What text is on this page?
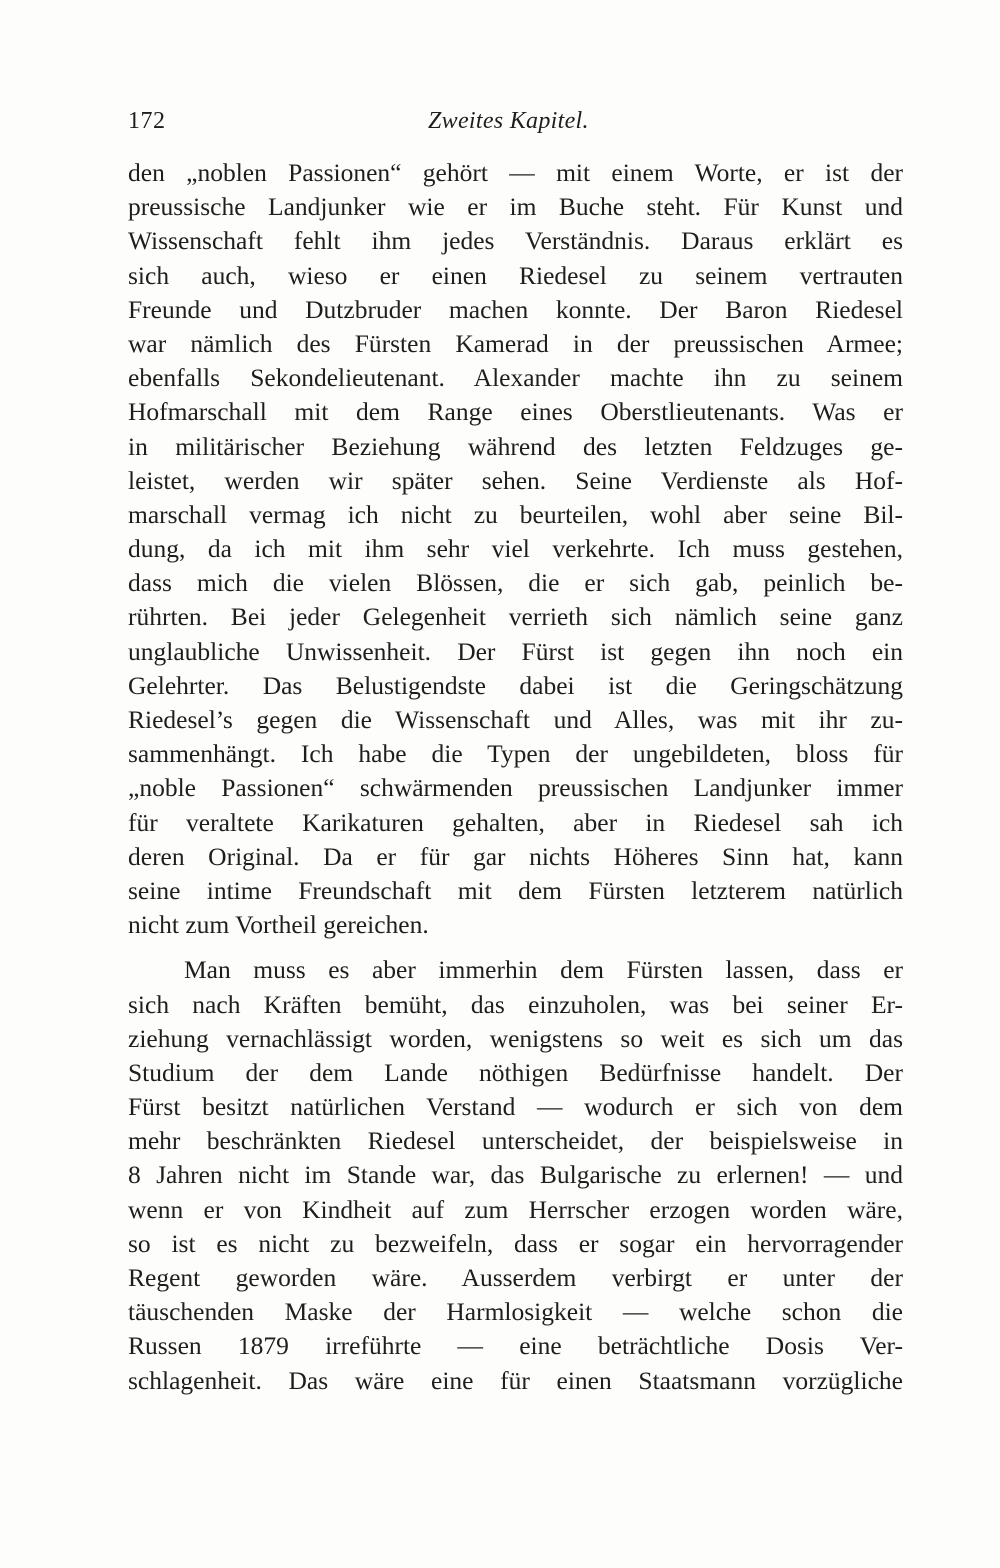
172	Zweites Kapitel.
den „noblen Passionen“ gehört — mit einem Worte, er ist der
preussische Landjunker wie er im Buche steht. Für Kunst und
Wissenschaft fehlt ihm jedes Verständnis. Daraus erklärt es
sich auch, wieso er einen Riedesel zu seinem vertrauten
Freunde und Dutzbruder machen konnte. Der Baron Riedesel
war nämlich des Fürsten Kamerad in der preussischen Armee;
ebenfalls Sekondelieutenant. Alexander machte ihn zu seinem
Hofmarschall mit dem Range eines Oberstlieutenants. Was er
in militärischer Beziehung während des letzten Feldzuges ge-
leistet, werden wir später sehen. Seine Verdienste als Hof-
marschall vermag ich nicht zu beurteilen, wohl aber seine Bil-
dung, da ich mit ihm sehr viel verkehrte. Ich muss gestehen,
dass mich die vielen Blössen, die er sich gab, peinlich be-
rührten. Bei jeder Gelegenheit verrieth sich nämlich seine ganz
unglaubliche Unwissenheit. Der Fürst ist gegen ihn noch ein
Gelehrter. Das Belustigendste dabei ist die Geringschätzung
Riedesel’s gegen die Wissenschaft und Alles, was mit ihr zu-
sammenhängt. Ich habe die Typen der ungebildeten, bloss für
„noble Passionen“ schwärmenden preussischen Landjunker immer
für veraltete Karikaturen gehalten, aber in Riedesel sah ich
deren Original. Da er für gar nichts Höheres Sinn hat, kann
seine intime Freundschaft mit dem Fürsten letzterem natürlich
nicht zum Vortheil gereichen.
Man muss es aber immerhin dem Fürsten lassen, dass er
sich nach Kräften bemüht, das einzuholen, was bei seiner Er-
ziehung vernachlässigt worden, wenigstens so weit es sich um das
Studium der dem Lande nöthigen Bedürfnisse handelt. Der
Fürst besitzt natürlichen Verstand — wodurch er sich von dem
mehr beschränkten Riedesel unterscheidet, der beispielsweise in
8 Jahren nicht im Stande war, das Bulgarische zu erlernen! — und
wenn er von Kindheit auf zum Herrscher erzogen worden wäre,
so ist es nicht zu bezweifeln, dass er sogar ein hervorragender
Regent geworden wäre. Ausserdem verbirgt er unter der
täuschenden Maske der Harmlosigkeit — welche schon die
Russen 1879 irreführte — eine beträchtliche Dosis Ver-
schlagenheit. Das wäre eine für einen Staatsmann vorzügliche
